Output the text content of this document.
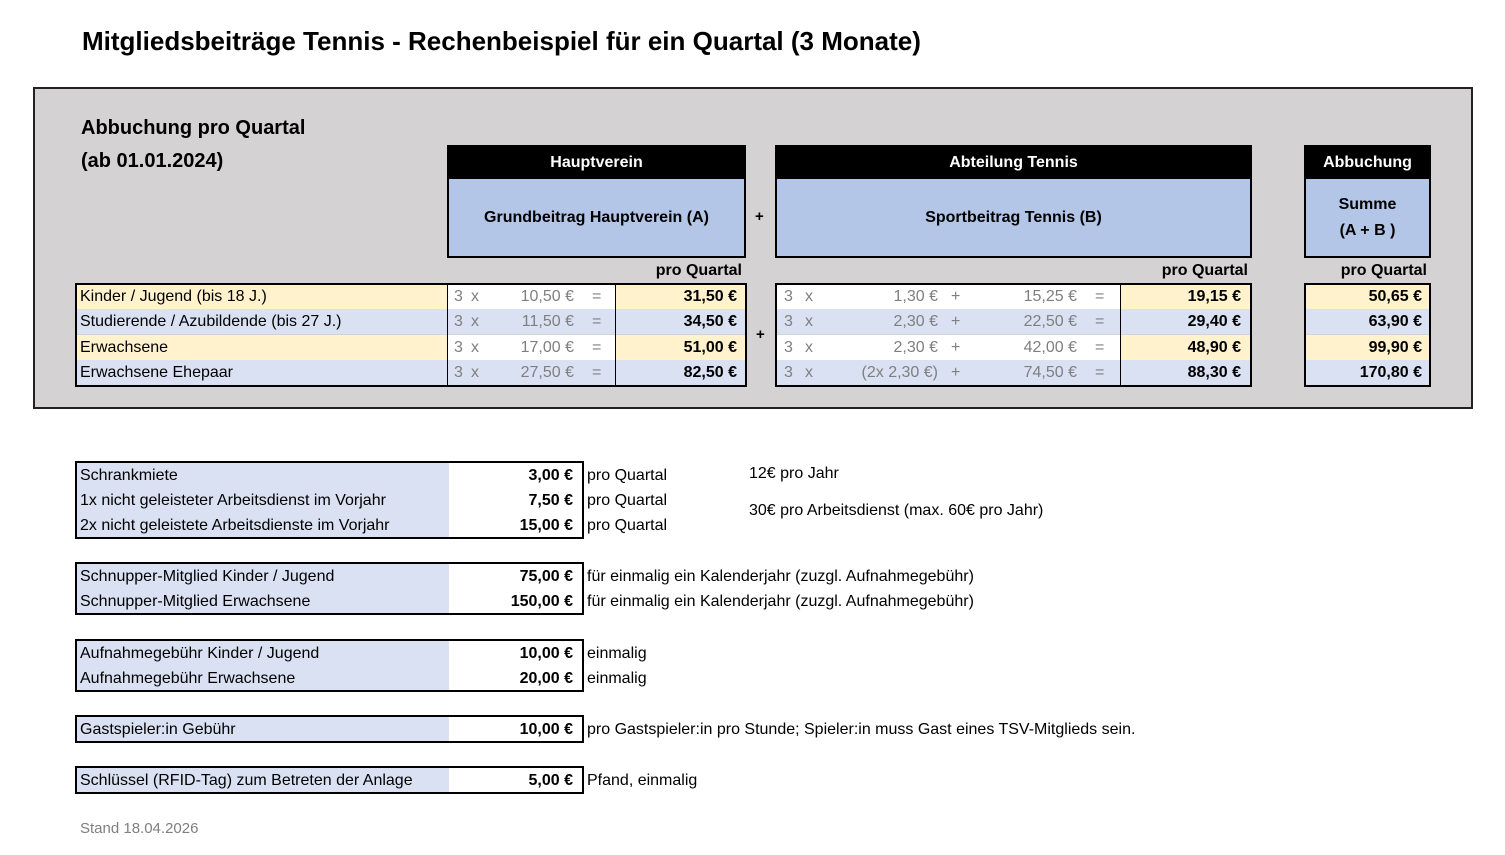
Mitgliedsbeiträge Tennis - Rechenbeispiel für ein Quartal (3 Monate)
Abbuchung pro Quartal
(ab 01.01.2024)	Hauptverein
Grundbeitrag Hauptverein (A)	+
Abteilung Tennis
Sportbeitrag Tennis (B)
Abbuchung
Summe
(A + B )
pro Quartal	pro Quartal	pro Quartal
Kinder / Jugend (bis 18 J.)	3 x	10,50 € =	31,50 €	3 x	1,30 € +	15,25 € =	19,15 €	50,65 €
Studierende / Azubildende (bis 27 J.)	3 x	11,50 € =	34,50 €	3 x	2,30 € +	22,50 € =	29,40 €	63,90 €
Erwachsene	3 x	17,00 € =	51,00 €	3 x	2,30 € +	42,00 € =	48,90 €	99,90 €
Erwachsene Ehepaar	3 x	27,50 € =	82,50 €	3 x	(2x 2,30 €) +	74,50 € =	88,30 €	170,80 €
+
Schrankmiete	3,00 € pro Quartal
1x nicht geleisteter Arbeitsdienst im Vorjahr	7,50 € pro Quartal
2x nicht geleistete Arbeitsdienste im Vorjahr	15,00 € pro Quartal
12€ pro Jahr
30€ pro Arbeitsdienst (max. 60€ pro Jahr)
Schnupper-Mitglied Kinder / Jugend	75,00 € für einmalig ein Kalenderjahr (zuzgl. Aufnahmegebühr)
Schnupper-Mitglied Erwachsene	150,00 € für einmalig ein Kalenderjahr (zuzgl. Aufnahmegebühr)
Aufnahmegebühr Kinder / Jugend	10,00 € einmalig
Aufnahmegebühr Erwachsene	20,00 € einmalig
Gastspieler:in Gebühr	10,00 € pro Gastspieler:in pro Stunde; Spieler:in muss Gast eines TSV-Mitglieds sein.
Schlüssel (RFID-Tag) zum Betreten der Anlage	5,00 € Pfand, einmalig
Stand 18.04.2026
